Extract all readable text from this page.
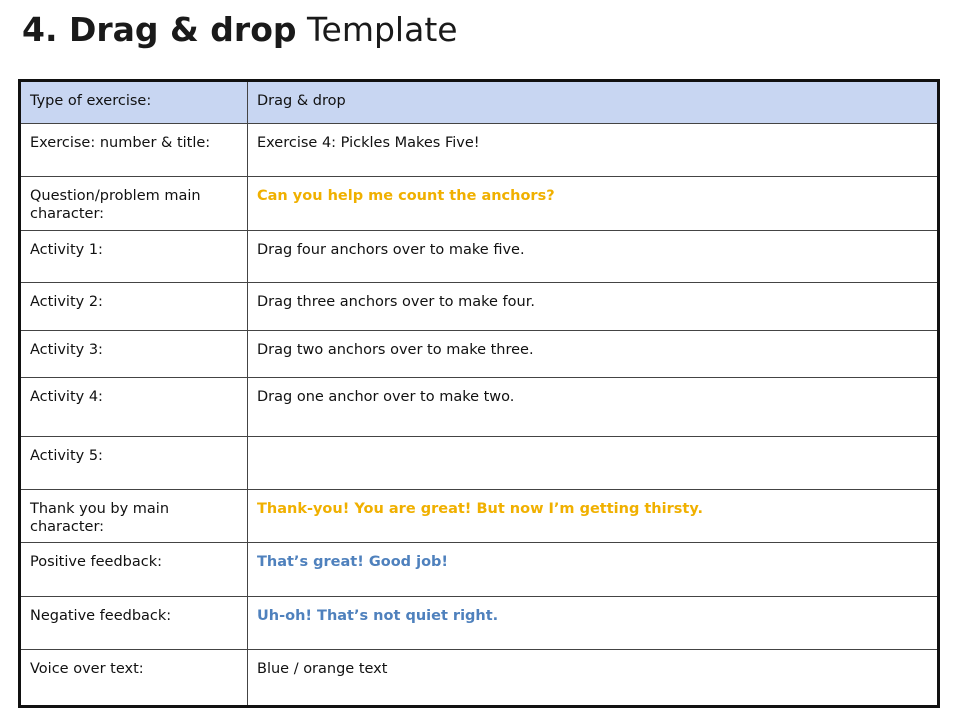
4. Drag & drop Template
Type of exercise:	Drag & drop
Exercise: number & title:	Exercise 4: Pickles Makes Five!
Question/problem main character:	Can you help me count the anchors?
Activity 1:	Drag four anchors over to make five.
Activity 2:	Drag three anchors over to make four.
Activity 3:	Drag two anchors over to make three.
Activity 4:	Drag one anchor over to make two.
Activity 5:	
Thank you by main character:	Thank-you! You are great! But now I’m getting thirsty.
Positive feedback:	That’s great! Good job!
Negative feedback:	Uh-oh! That’s not quiet right.
Voice over text:	Blue / orange text
